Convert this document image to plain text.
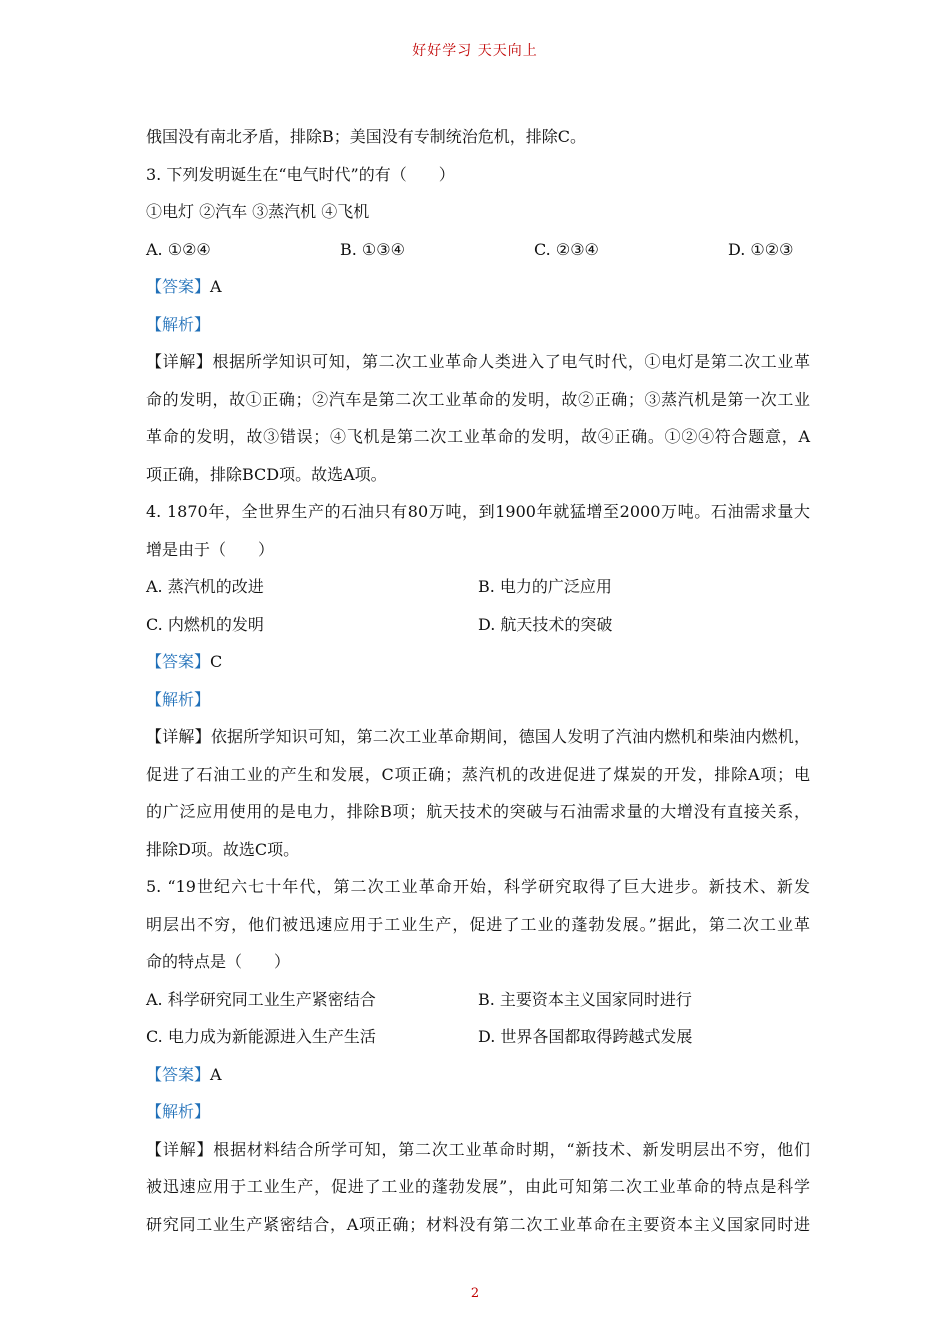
好好学习 天天向上
俄国没有南北矛盾，排除B；美国没有专制统治危机，排除C。
3. 下列发明诞生在“电气时代”的有（　　）
①电灯 ②汽车 ③蒸汽机 ④飞机
A. ①②④	B. ①③④	C. ②③④	D. ①②③
【答案】A
【解析】
【详解】根据所学知识可知，第二次工业革命人类进入了电气时代，①电灯是第二次工业革
命的发明，故①正确；②汽车是第二次工业革命的发明，故②正确；③蒸汽机是第一次工业
革命的发明，故③错误；④飞机是第二次工业革命的发明，故④正确。①②④符合题意，A
项正确，排除BCD项。故选A项。
4. 1870年，全世界生产的石油只有80万吨，到1900年就猛增至2000万吨。石油需求量大
增是由于（　　）
A. 蒸汽机的改进	B. 电力的广泛应用
C. 内燃机的发明	D. 航天技术的突破
【答案】C
【解析】
【详解】依据所学知识可知，第二次工业革命期间，德国人发明了汽油内燃机和柴油内燃机，
促进了石油工业的产生和发展，C项正确；蒸汽机的改进促进了煤炭的开发，排除A项；电
的广泛应用使用的是电力，排除B项；航天技术的突破与石油需求量的大增没有直接关系，
排除D项。故选C项。
5. “19世纪六七十年代，第二次工业革命开始，科学研究取得了巨大进步。新技术、新发
明层出不穷，他们被迅速应用于工业生产，促进了工业的蓬勃发展。”据此，第二次工业革
命的特点是（　　）
A. 科学研究同工业生产紧密结合	B. 主要资本主义国家同时进行
C. 电力成为新能源进入生产生活	D. 世界各国都取得跨越式发展
【答案】A
【解析】
【详解】根据材料结合所学可知，第二次工业革命时期，“新技术、新发明层出不穷，他们
被迅速应用于工业生产，促进了工业的蓬勃发展”，由此可知第二次工业革命的特点是科学
研究同工业生产紧密结合，A项正确；材料没有第二次工业革命在主要资本主义国家同时进
2
